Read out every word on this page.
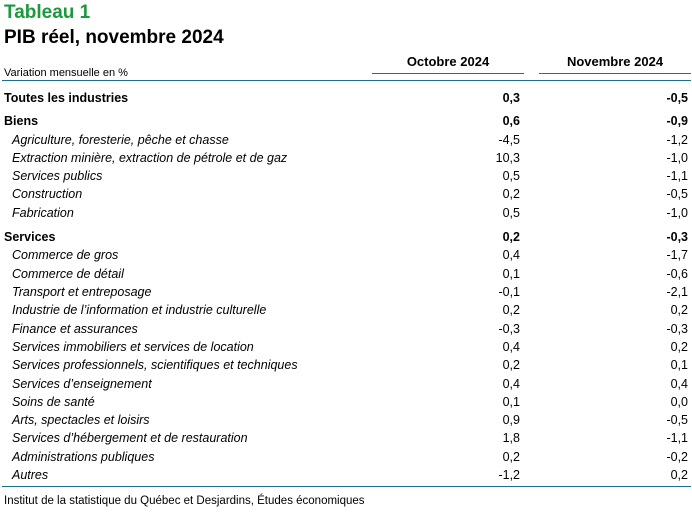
Tableau 1
PIB réel, novembre 2024
Octobre 2024	Novembre 2024
Variation mensuelle en %
Toutes les industries	0,3	-0,5
Biens	0,6	-0,9
Agriculture, foresterie, pêche et chasse	-4,5	-1,2
Extraction minière, extraction de pétrole et de gaz	10,3	-1,0
Services publics	0,5	-1,1
Construction	0,2	-0,5
Fabrication	0,5	-1,0
Services	0,2	-0,3
Commerce de gros	0,4	-1,7
Commerce de détail	0,1	-0,6
Transport et entreposage	-0,1	-2,1
Industrie de l’information et industrie culturelle	0,2	0,2
Finance et assurances	-0,3	-0,3
Services immobiliers et services de location	0,4	0,2
Services professionnels, scientifiques et techniques	0,2	0,1
Services d’enseignement	0,4	0,4
Soins de santé	0,1	0,0
Arts, spectacles et loisirs	0,9	-0,5
Services d’hébergement et de restauration	1,8	-1,1
Administrations publiques	0,2	-0,2
Autres	-1,2	0,2
Institut de la statistique du Québec et Desjardins, Études économiques
